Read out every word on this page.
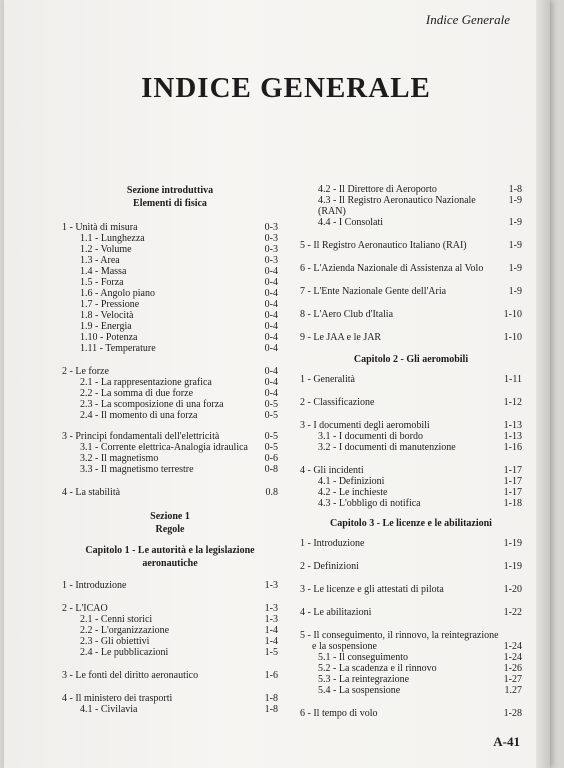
Indice Generale
INDICE GENERALE
Sezione introduttiva
Elementi di fisica
1 - Unità di misura	0-3
1.1 - Lunghezza	0-3
1.2 - Volume	0-3
1.3 - Area	0-3
1.4 - Massa	0-4
1.5 - Forza	0-4
1.6 - Angolo piano	0-4
1.7 - Pressione	0-4
1.8 - Velocità	0-4
1.9 - Energia	0-4
1.10 - Potenza	0-4
1.11 - Temperature	0-4
2 - Le forze	0-4
2.1 - La rappresentazione grafica	0-4
2.2 - La somma di due forze	0-4
2.3 - La scomposizione di una forza	0-5
2.4 - Il momento di una forza	0-5
3 - Principi fondamentali dell'elettricità	0-5
3.1 - Corrente elettrica-Analogia idraulica	0-5
3.2 - Il magnetismo	0-6
3.3 - Il magnetismo terrestre	0-8
4 - La stabilità	0.8
Sezione 1
Regole
Capitolo 1 - Le autorità e la legislazione aeronautiche
1 - Introduzione	1-3
2 - L'ICAO	1-3
2.1 - Cenni storici	1-3
2.2 - L'organizzazione	1-4
2.3 - Gli obiettivi	1-4
2.4 - Le pubblicazioni	1-5
3 - Le fonti del diritto aeronautico	1-6
4 - Il ministero dei trasporti	1-8
4.1 - Civilavia	1-8
4.2 - Il Direttore di Aeroporto	1-8
4.3 - Il Registro Aeronautico Nazionale (RAN)
1-9
4.4 - I Consolati	1-9
5 - Il Registro Aeronautico Italiano (RAI)	1-9
6 - L'Azienda Nazionale di Assistenza al Volo	1-9
7 - L'Ente Nazionale Gente dell'Aria	1-9
8 - L'Aero Club d'Italia	1-10
9 - Le JAA e le JAR	1-10
Capitolo 2 - Gli aeromobili
1 - Generalità	1-11
2 - Classificazione	1-12
3 - I documenti degli aeromobili	1-13
3.1 - I documenti di bordo	1-13
3.2 - I documenti di manutenzione	1-16
4 - Gli incidenti	1-17
4.1 - Definizioni	1-17
4.2 - Le inchieste	1-17
4.3 - L'obbligo di notifica	1-18
Capitolo 3 - Le licenze e le abilitazioni
1 - Introduzione	1-19
2 - Definizioni	1-19
3 - Le licenze e gli attestati di pilota	1-20
4 - Le abilitazioni	1-22
5 - Il conseguimento, il rinnovo, la reintegrazione
e la sospensione	1-24
5.1 - Il conseguimento	1-24
5.2 - La scadenza e il rinnovo	1-26
5.3 - La reintegrazione	1-27
5.4 - La sospensione	1.27
6 - Il tempo di volo	1-28
A-41
